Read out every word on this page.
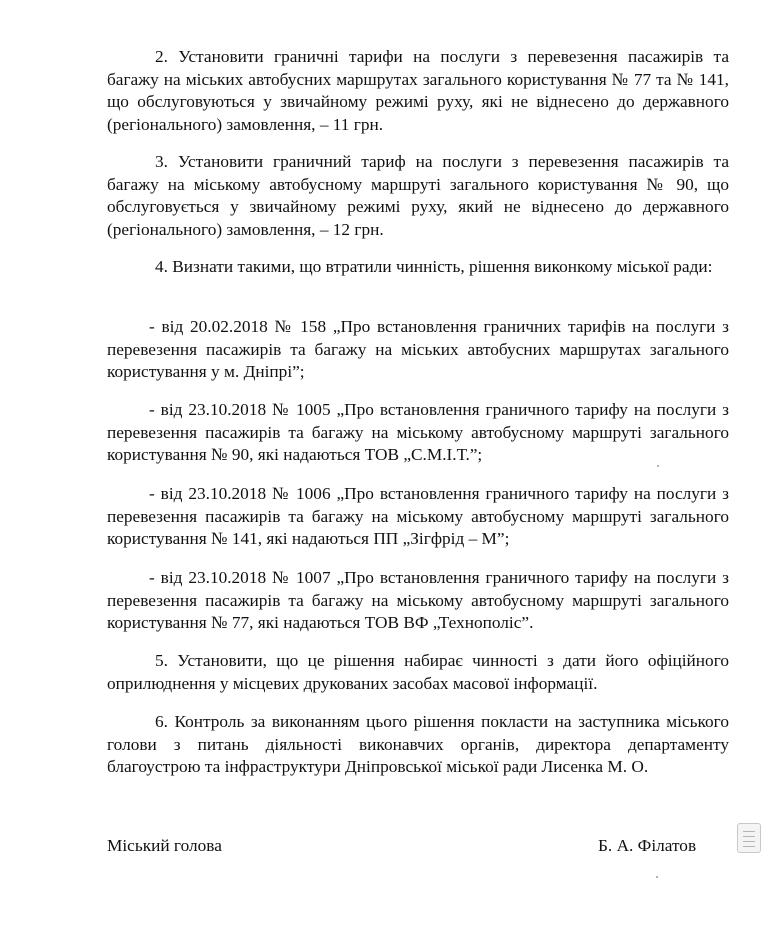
2. Установити граничні тарифи на послуги з перевезення пасажирів та багажу на міських автобусних маршрутах загального користування № 77 та № 141, що обслуговуються у звичайному режимі руху, які не віднесено до державного (регіонального) замовлення, – 11 грн.

3. Установити граничний тариф на послуги з перевезення пасажирів та багажу на міському автобусному маршруті загального користування № 90, що обслуговується у звичайному режимі руху, який не віднесено до державного (регіонального) замовлення, – 12 грн.

4. Визнати такими, що втратили чинність, рішення виконкому міської ради:

- від 20.02.2018 № 158 „Про встановлення граничних тарифів на послуги з перевезення пасажирів та багажу на міських автобусних маршрутах загального користування у м. Дніпрі”;

- від 23.10.2018 № 1005 „Про встановлення граничного тарифу на послуги з перевезення пасажирів та багажу на міському автобусному маршруті загального користування № 90, які надаються ТОВ „С.М.І.Т.”;

- від 23.10.2018 № 1006 „Про встановлення граничного тарифу на послуги з перевезення пасажирів та багажу на міському автобусному маршруті загального користування № 141, які надаються ПП „Зігфрід – М”;

- від 23.10.2018 № 1007 „Про встановлення граничного тарифу на послуги з перевезення пасажирів та багажу на міському автобусному маршруті загального користування № 77, які надаються ТОВ ВФ „Технополіс”.

5. Установити, що це рішення набирає чинності з дати його офіційного оприлюднення у місцевих друкованих засобах масової інформації.

6. Контроль за виконанням цього рішення покласти на заступника міського голови з питань діяльності виконавчих органів, директора департаменту благоустрою та інфраструктури Дніпровської міської ради Лисенка М. О.

Міський голова	Б. А. Філатов
